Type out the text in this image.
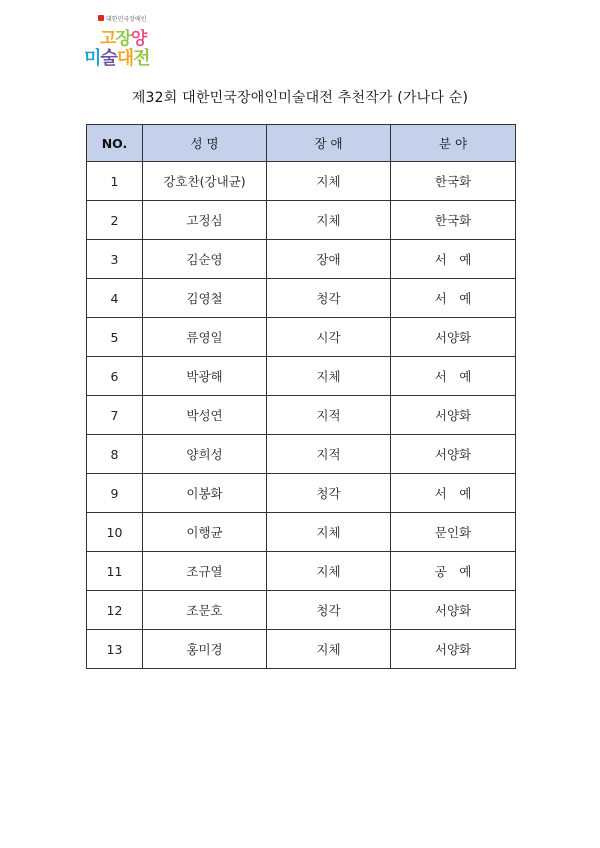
대한민국장애인
고장양
미술대전
제32회 대한민국장애인미술대전 추천작가 (가나다 순)
NO.	성 명	장 애	분 야
1	강호찬(강내균)	지체	한국화
2	고정심	지체	한국화
3	김순영	장애	서　예
4	김영철	청각	서　예
5	류영일	시각	서양화
6	박광해	지체	서　예
7	박성연	지적	서양화
8	양희성	지적	서양화
9	이봉화	청각	서　예
10	이행균	지체	문인화
11	조규열	지체	공　예
12	조문호	청각	서양화
13	홍미경	지체	서양화
